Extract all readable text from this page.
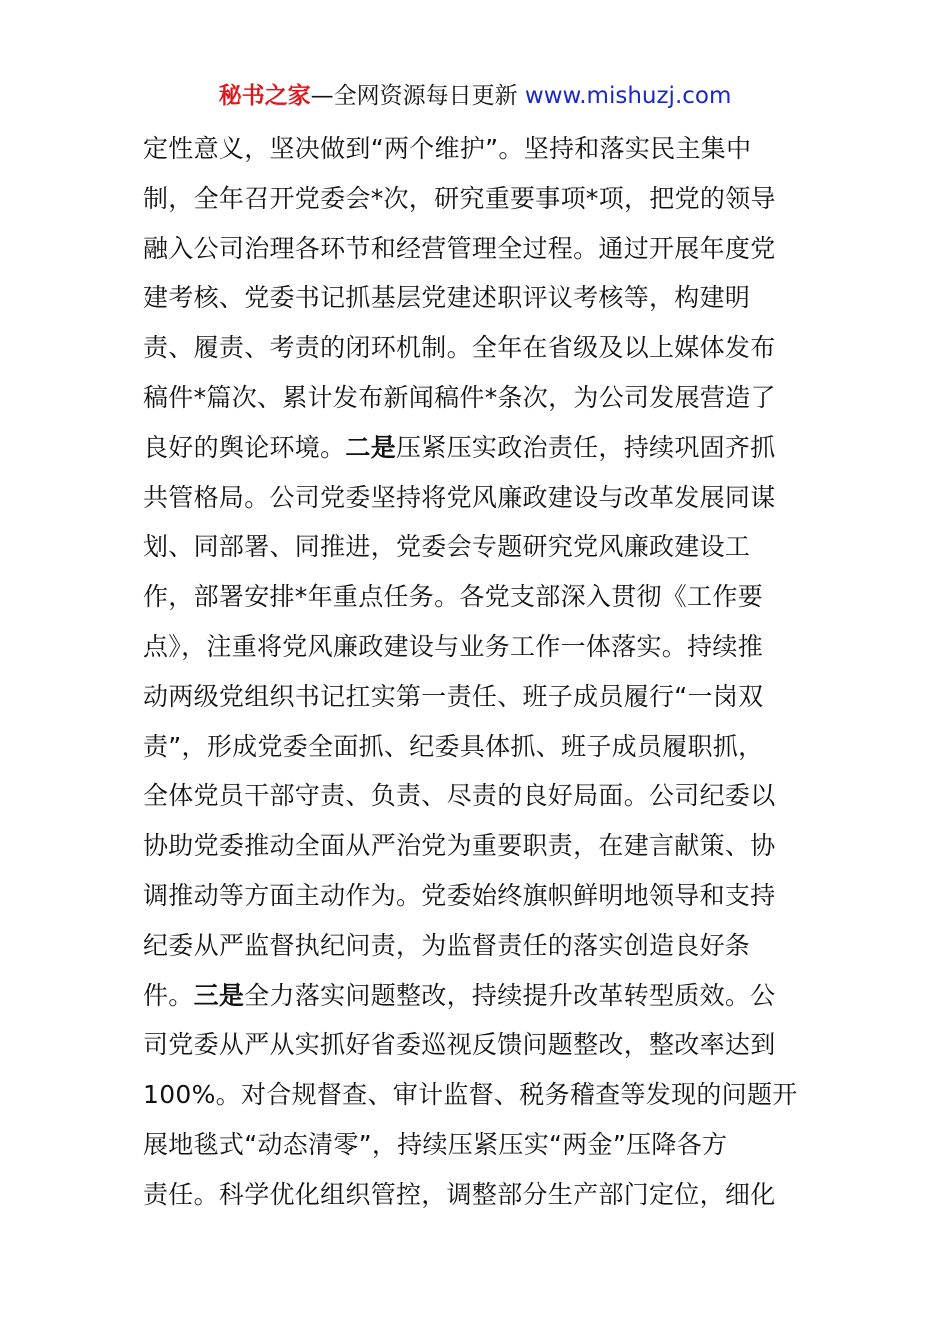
秘书之家—全网资源每日更新 www.mishuzj.com
定性意义，坚决做到“两个维护”。坚持和落实民主集中
制，全年召开党委会*次，研究重要事项*项，把党的领导
融入公司治理各环节和经营管理全过程。通过开展年度党
建考核、党委书记抓基层党建述职评议考核等，构建明
责、履责、考责的闭环机制。全年在省级及以上媒体发布
稿件*篇次、累计发布新闻稿件*条次，为公司发展营造了
良好的舆论环境。二是压紧压实政治责任，持续巩固齐抓
共管格局。公司党委坚持将党风廉政建设与改革发展同谋
划、同部署、同推进，党委会专题研究党风廉政建设工
作，部署安排*年重点任务。各党支部深入贯彻《工作要
点》，注重将党风廉政建设与业务工作一体落实。持续推
动两级党组织书记扛实第一责任、班子成员履行“一岗双
责”，形成党委全面抓、纪委具体抓、班子成员履职抓，
全体党员干部守责、负责、尽责的良好局面。公司纪委以
协助党委推动全面从严治党为重要职责，在建言献策、协
调推动等方面主动作为。党委始终旗帜鲜明地领导和支持
纪委从严监督执纪问责，为监督责任的落实创造良好条
件。三是全力落实问题整改，持续提升改革转型质效。公
司党委从严从实抓好省委巡视反馈问题整改，整改率达到
100%。对合规督查、审计监督、税务稽查等发现的问题开
展地毯式“动态清零”，持续压紧压实“两金”压降各方
责任。科学优化组织管控，调整部分生产部门定位，细化
